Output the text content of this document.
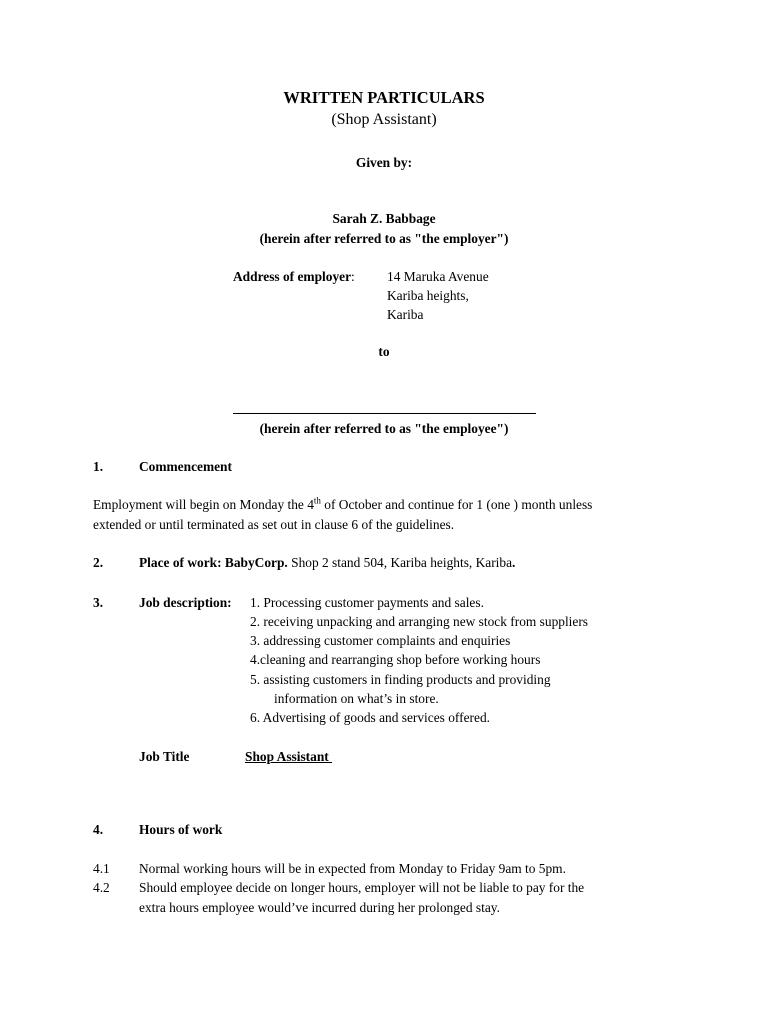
WRITTEN PARTICULARS
(Shop Assistant)
Given by:
Sarah Z. Babbage
(herein after referred to as "the employer")
Address of employer: 14 Maruka Avenue
Kariba heights,
Kariba
to
(herein after referred to as "the employee")
1.	Commencement
Employment will begin on Monday the 4th of October and continue for 1 (one ) month unless
extended or until terminated as set out in clause 6 of the guidelines.
2.	Place of work: BabyCorp. Shop 2 stand 504, Kariba heights, Kariba.
3.	Job description: 1. Processing customer payments and sales.
2. receiving unpacking and arranging new stock from suppliers
3. addressing customer complaints and enquiries
4.cleaning and rearranging shop before working hours
5. assisting customers in finding products and providing
information on what’s in store.
6. Advertising of goods and services offered.
Job Title	Shop Assistant
4.	Hours of work
4.1 Normal working hours will be in expected from Monday to Friday 9am to 5pm.
4.2 Should employee decide on longer hours, employer will not be liable to pay for the
extra hours employee would’ve incurred during her prolonged stay.
